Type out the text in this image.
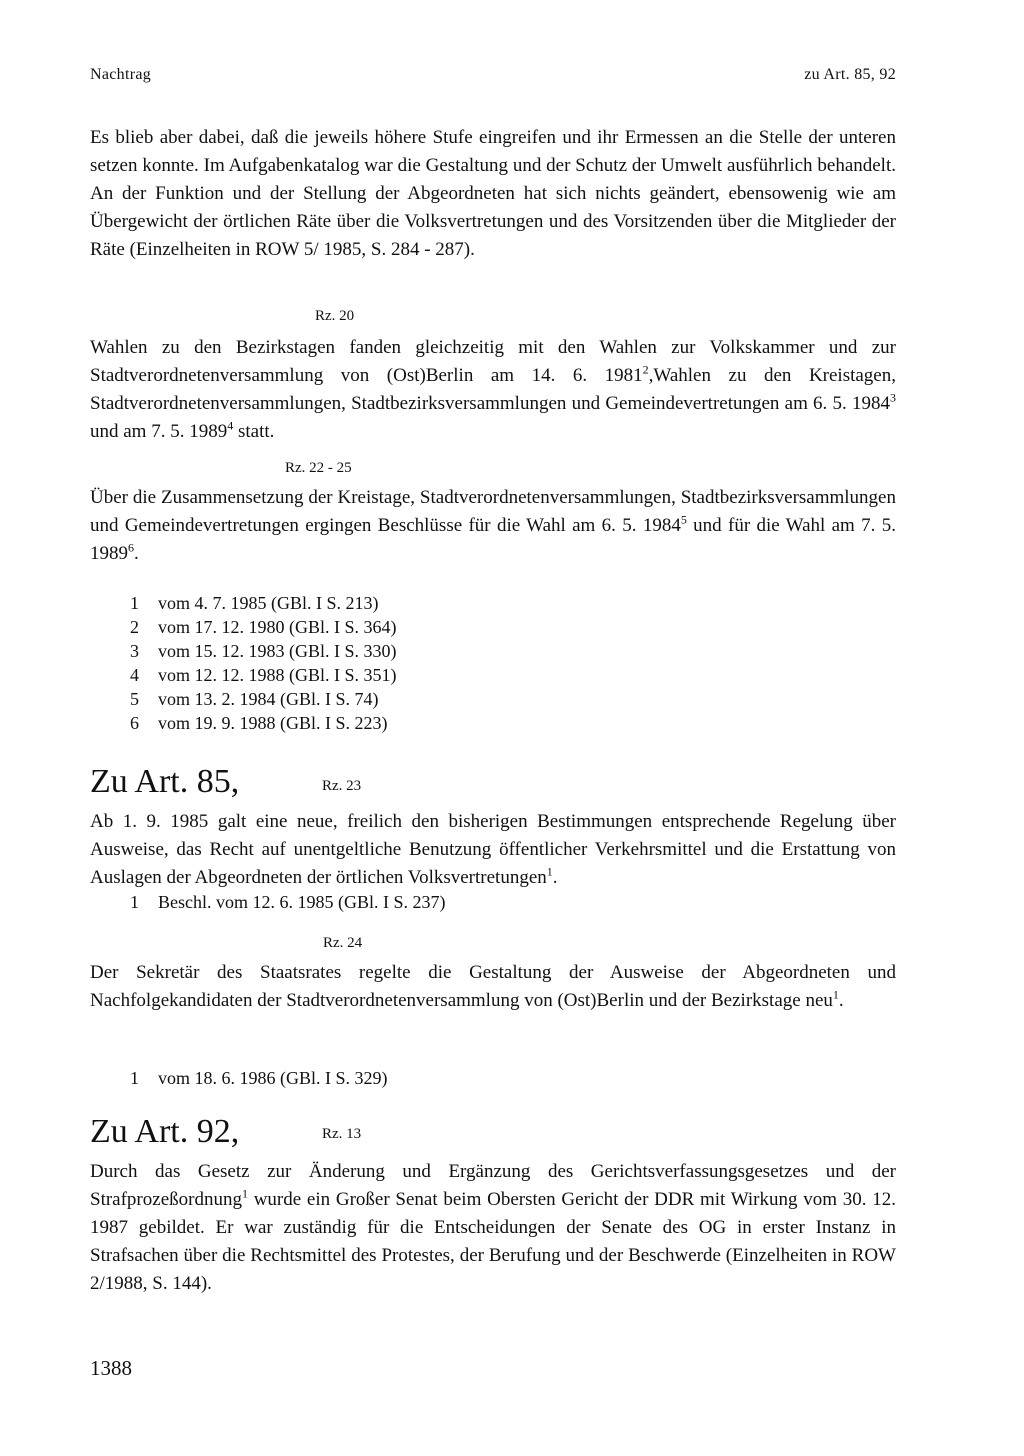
Nachtrag	zu Art. 85, 92
Es blieb aber dabei, daß die jeweils höhere Stufe eingreifen und ihr Ermessen an die Stelle der unteren setzen konnte. Im Aufgabenkatalog war die Gestaltung und der Schutz der Umwelt ausführlich behandelt. An der Funktion und der Stellung der Abgeordneten hat sich nichts geändert, ebensowenig wie am Übergewicht der örtlichen Räte über die Volksvertretungen und des Vorsitzenden über die Mitglieder der Räte (Einzelheiten in ROW 5/ 1985, S. 284 - 287).
Rz. 20
Wahlen zu den Bezirkstagen fanden gleichzeitig mit den Wahlen zur Volkskammer und zur Stadtverordnetenversammlung von (Ost)Berlin am 14. 6. 1981$^2$,Wahlen zu den Kreistagen, Stadtverordnetenversammlungen, Stadtbezirksversammlungen und Gemeindevertretungen am 6. 5. 1984$^3$ und am 7. 5. 1989$^4$ statt.
Rz. 22 - 25
Über die Zusammensetzung der Kreistage, Stadtverordnetenversammlungen, Stadtbezirksversammlungen und Gemeindevertretungen ergingen Beschlüsse für die Wahl am 6. 5. 1984$^5$ und für die Wahl am 7. 5. 1989$^6$.
1 vom 4. 7. 1985 (GBl. I S. 213)
2 vom 17. 12. 1980 (GBl. I S. 364)
3 vom 15. 12. 1983 (GBl. I S. 330)
4 vom 12. 12. 1988 (GBl. I S. 351)
5 vom 13. 2. 1984 (GBl. I S. 74)
6 vom 19. 9. 1988 (GBl. I S. 223)
Zu Art. 85,	Rz. 23
Ab 1. 9. 1985 galt eine neue, freilich den bisherigen Bestimmungen entsprechende Regelung über Ausweise, das Recht auf unentgeltliche Benutzung öffentlicher Verkehrsmittel und die Erstattung von Auslagen der Abgeordneten der örtlichen Volksvertretungen$^1$.
1 Beschl. vom 12. 6. 1985 (GBl. I S. 237)
Rz. 24
Der Sekretär des Staatsrates regelte die Gestaltung der Ausweise der Abgeordneten und Nachfolgekandidaten der Stadtverordnetenversammlung von (Ost)Berlin und der Bezirkstage neu$^1$.
1 vom 18. 6. 1986 (GBl. I S. 329)
Zu Art. 92,	Rz. 13
Durch das Gesetz zur Änderung und Ergänzung des Gerichtsverfassungsgesetzes und der Strafprozeßordnung$^1$ wurde ein Großer Senat beim Obersten Gericht der DDR mit Wirkung vom 30. 12. 1987 gebildet. Er war zuständig für die Entscheidungen der Senate des OG in erster Instanz in Strafsachen über die Rechtsmittel des Protestes, der Berufung und der Beschwerde (Einzelheiten in ROW 2/1988, S. 144).
1388
